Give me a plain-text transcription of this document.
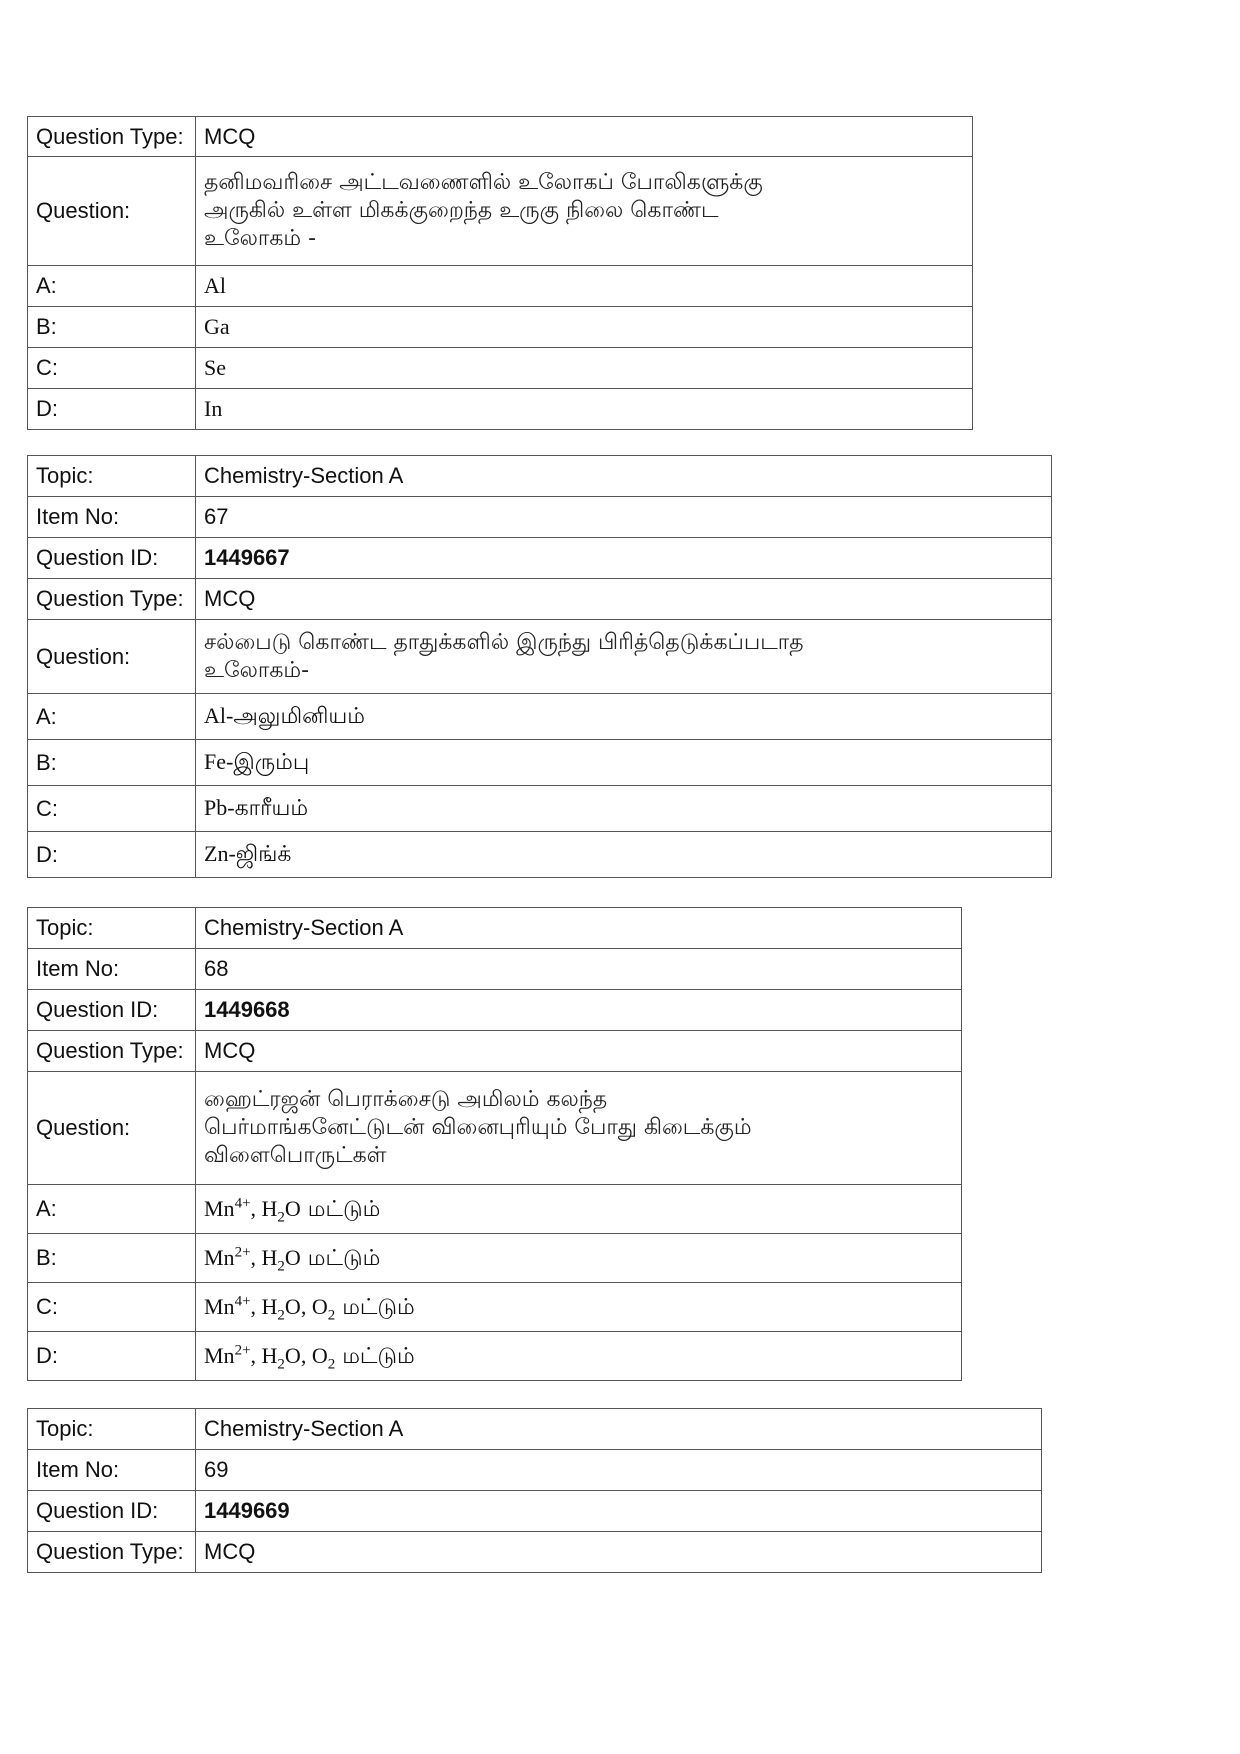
Question Type:	MCQ
Question:	தனிமவரிசை அட்டவணைளில் உலோகப் போலிகளுக்கு
அருகில் உள்ள மிகக்குறைந்த உருகு நிலை கொண்ட
உலோகம் -
A:	Al
B:	Ga
C:	Se
D:	In
Topic:	Chemistry-Section A
Item No:	67
Question ID:	1449667
Question Type:	MCQ
Question:	சல்பைடு கொண்ட தாதுக்களில் இருந்து பிரித்தெடுக்கப்படாத
உலோகம்-
A:	Al-அலுமினியம்
B:	Fe-இரும்பு
C:	Pb-காரீயம்
D:	Zn-ஜிங்க்
Topic:	Chemistry-Section A
Item No:	68
Question ID:	1449668
Question Type:	MCQ
Question:	ஹைட்ரஜன் பெராக்சைடு அமிலம் கலந்த
பெர்மாங்கனேட்டுடன் வினைபுரியும் போது கிடைக்கும்
விளைபொருட்கள்
A:	$Mn^{4+}$, $H_2O$ மட்டும்
B:	$Mn^{2+}$, $H_2O$ மட்டும்
C:	$Mn^{4+}$, $H_2O$, $O_2$ மட்டும்
D:	$Mn^{2+}$, $H_2O$, $O_2$ மட்டும்
Topic:	Chemistry-Section A
Item No:	69
Question ID:	1449669
Question Type:	MCQ
